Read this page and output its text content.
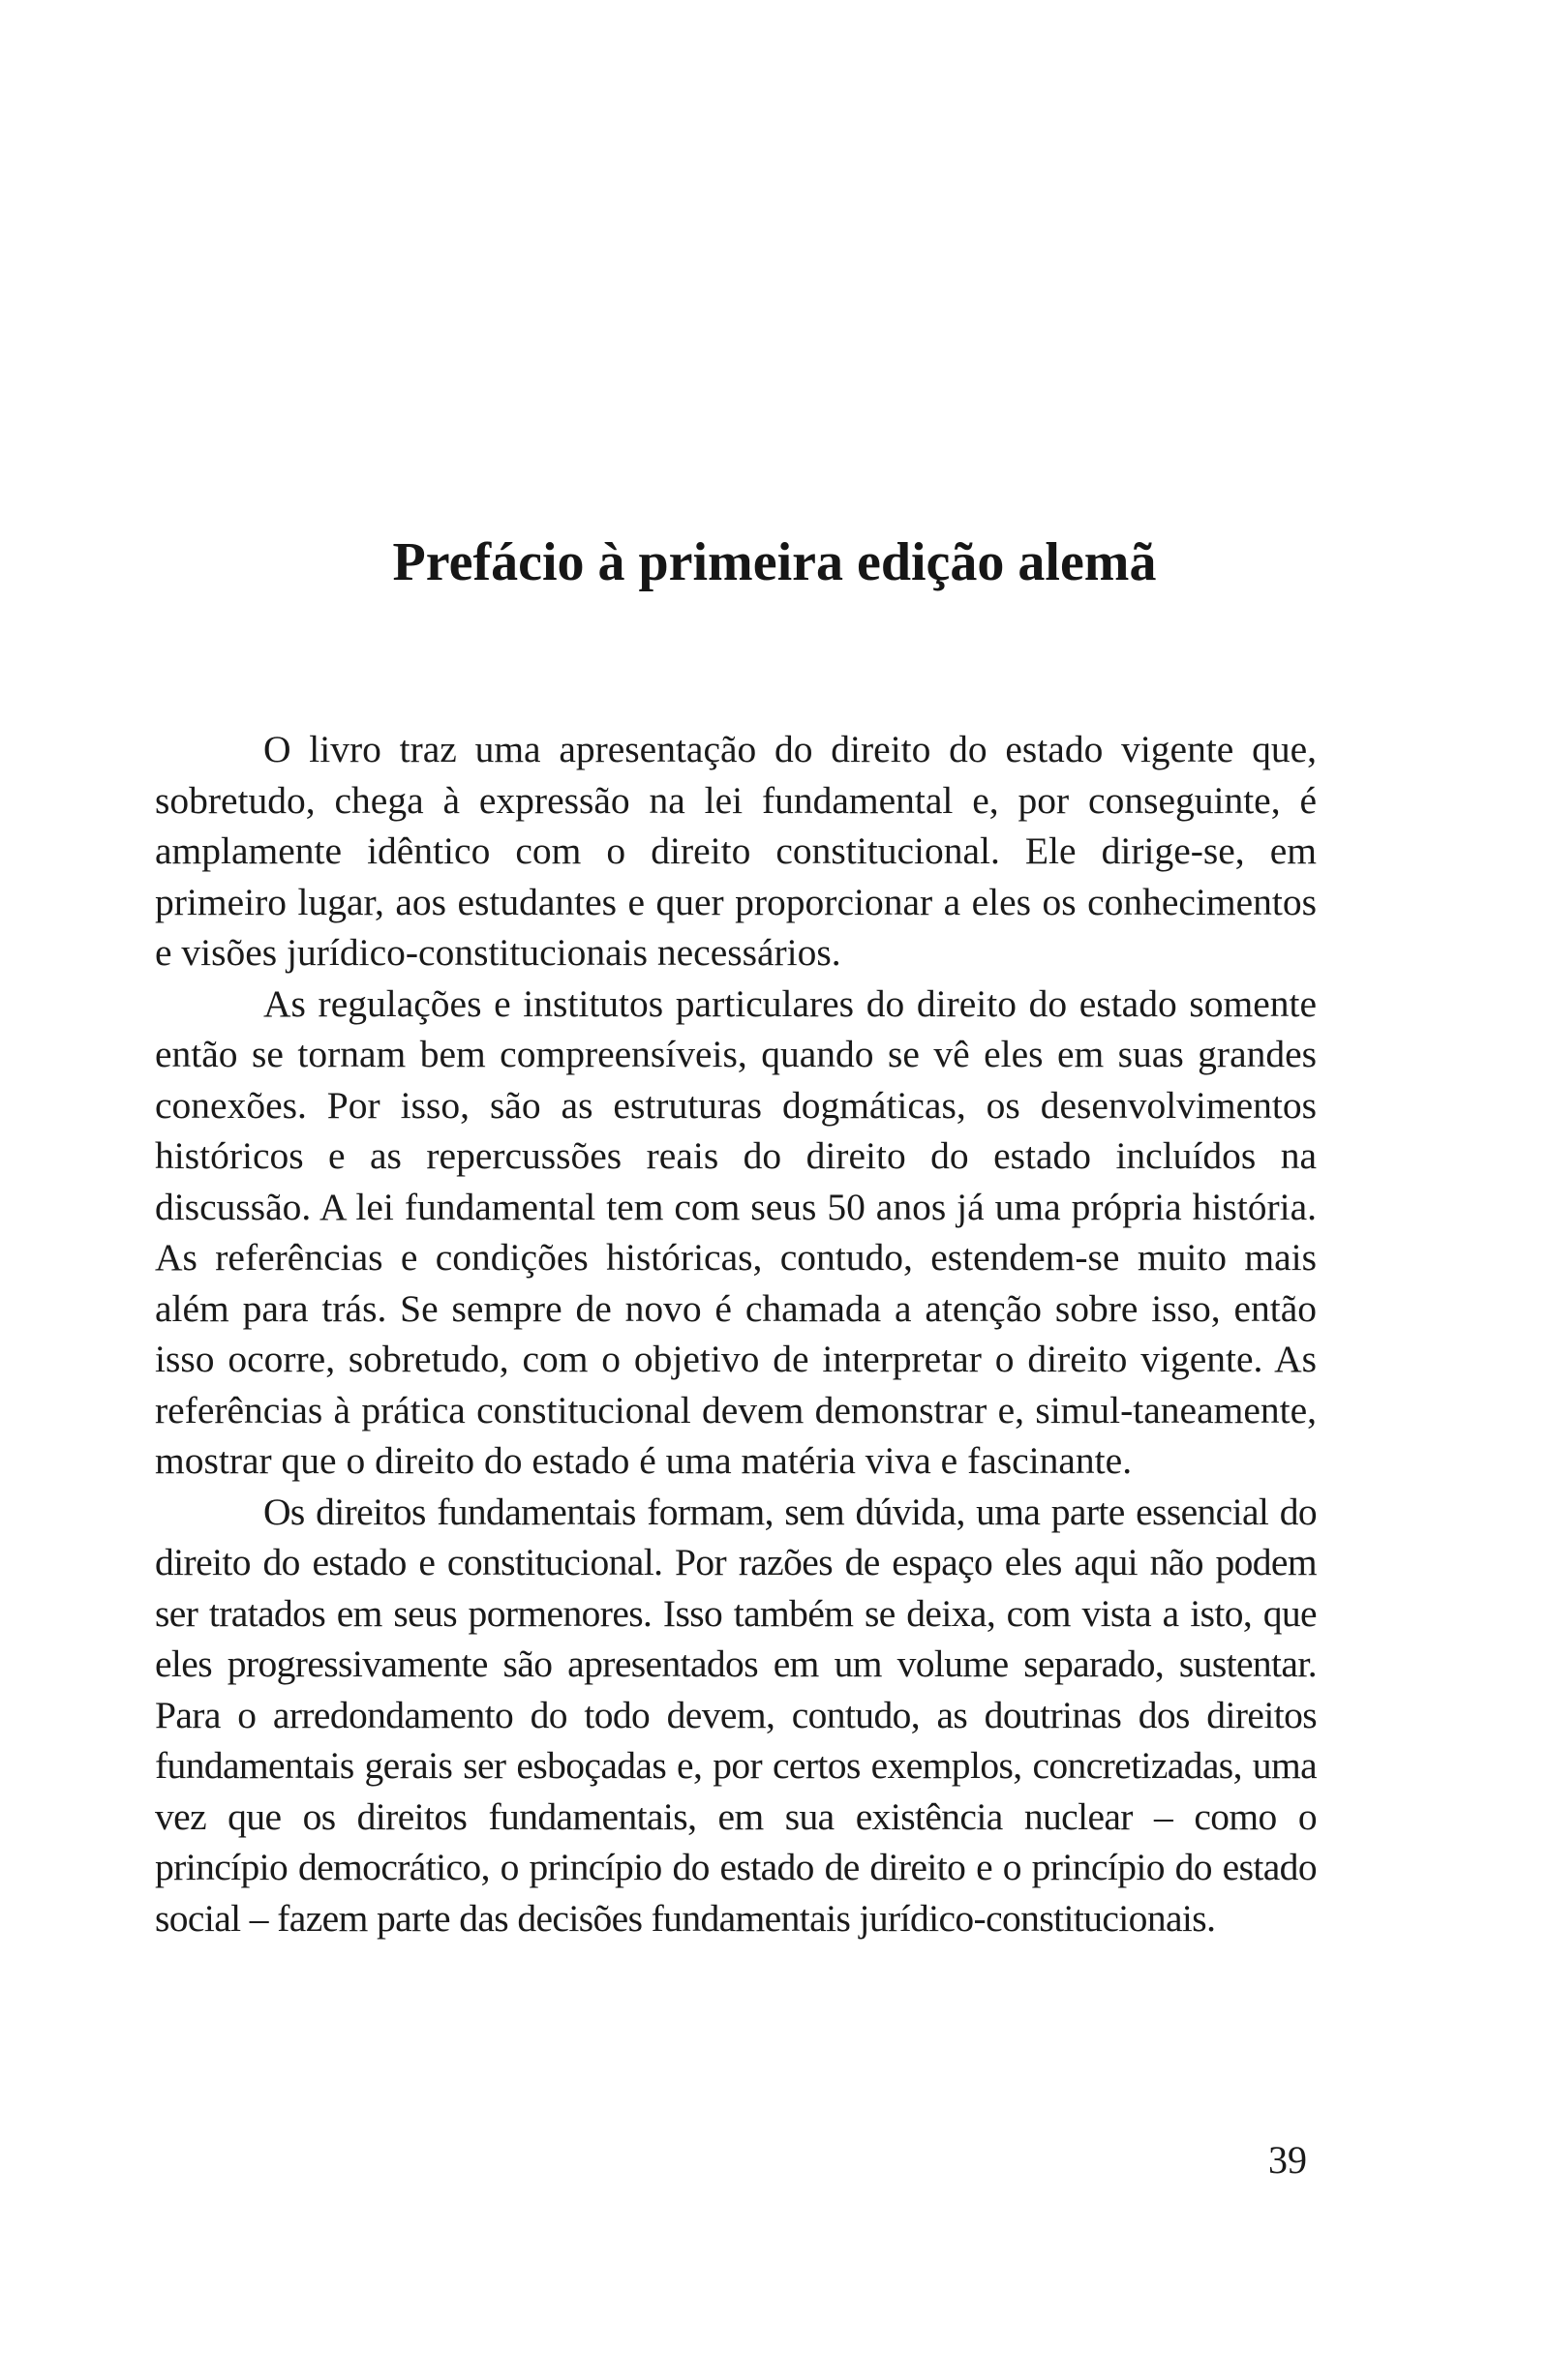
Prefácio à primeira edição alemã

O livro traz uma apresentação do direito do estado vigente que, sobretudo, chega à expressão na lei fundamental e, por conseguinte, é amplamente idêntico com o direito constitucional. Ele dirige-se, em primeiro lugar, aos estudantes e quer proporcionar a eles os conhecimentos e visões jurídico-constitucionais necessários.

As regulações e institutos particulares do direito do estado somente então se tornam bem compreensíveis, quando se vê eles em suas grandes conexões. Por isso, são as estruturas dogmáticas, os desenvolvimentos históricos e as repercussões reais do direito do estado incluídos na discussão. A lei fundamental tem com seus 50 anos já uma própria história. As referências e condições históricas, contudo, estendem-se muito mais além para trás. Se sempre de novo é chamada a atenção sobre isso, então isso ocorre, sobretudo, com o objetivo de interpretar o direito vigente. As referências à prática constitucional devem demonstrar e, simul-taneamente, mostrar que o direito do estado é uma matéria viva e fascinante.

Os direitos fundamentais formam, sem dúvida, uma parte essencial do direito do estado e constitucional. Por razões de espaço eles aqui não podem ser tratados em seus pormenores. Isso também se deixa, com vista a isto, que eles progressivamente são apresentados em um volume separado, sustentar. Para o arredondamento do todo devem, contudo, as doutrinas dos direitos fundamentais gerais ser esboçadas e, por certos exemplos, concretizadas, uma vez que os direitos fundamentais, em sua existência nuclear – como o princípio democrático, o princípio do estado de direito e o princípio do estado social – fazem parte das decisões fundamentais jurídico-constitucionais.

39
